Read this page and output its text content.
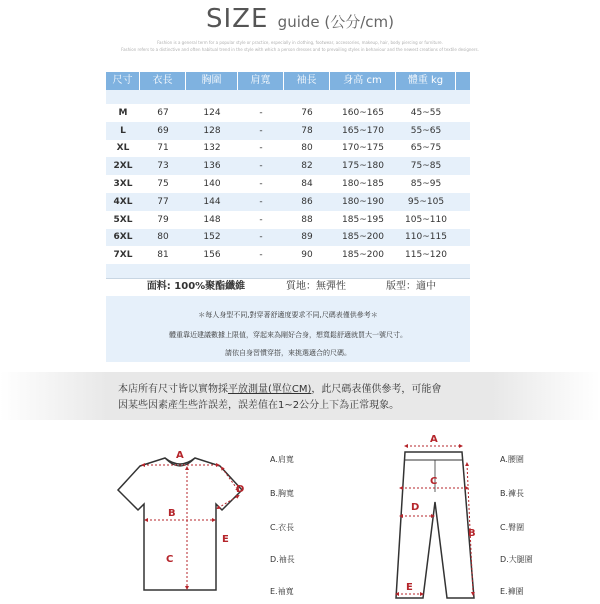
SIZE guide (公分/cm)
Fashion is a general term for a popular style or practice, especially in clothing, footwear, accessories, makeup, hair, body piercing or furniture.
Fashion refers to a distinctive and often habitual trend in the style with which a person dresses and to prevailing styles in behaviour and the newest creations of textile designers.
尺寸	衣長	胸圍	肩寬	袖長	身高 cm	體重 kg
M	67	124	-	76	160~165	45~55
L	69	128	-	78	165~170	55~65
XL	71	132	-	80	170~175	65~75
2XL	73	136	-	82	175~180	75~85
3XL	75	140	-	84	180~185	85~95
4XL	77	144	-	86	180~190	95~105
5XL	79	148	-	88	185~195	105~110
6XL	80	152	-	89	185~200	110~115
7XL	81	156	-	90	185~200	115~120
面料: 100%聚酯纖維	質地：無彈性	版型：適中
＊每人身型不同,對穿著舒適度要求不同,尺碼表僅供參考＊
體重靠近建議數據上限值，穿起來為剛好合身，想寬鬆舒適就買大一號尺寸。
請依自身習慣穿搭，來挑選適合的尺碼。
本店所有尺寸皆以實物採平放測量(單位CM)，此尺碼表僅供參考，可能會
因某些因素產生些許誤差，誤差值在1~2公分上下為正常現象。
A
B
C
D
E
A
B
C
D
E
A.肩寬
B.胸寬
C.衣長
D.袖長
E.袖寬
A.腰圍
B.褲長
C.臀圍
D.大腿圍
E.褲圍
